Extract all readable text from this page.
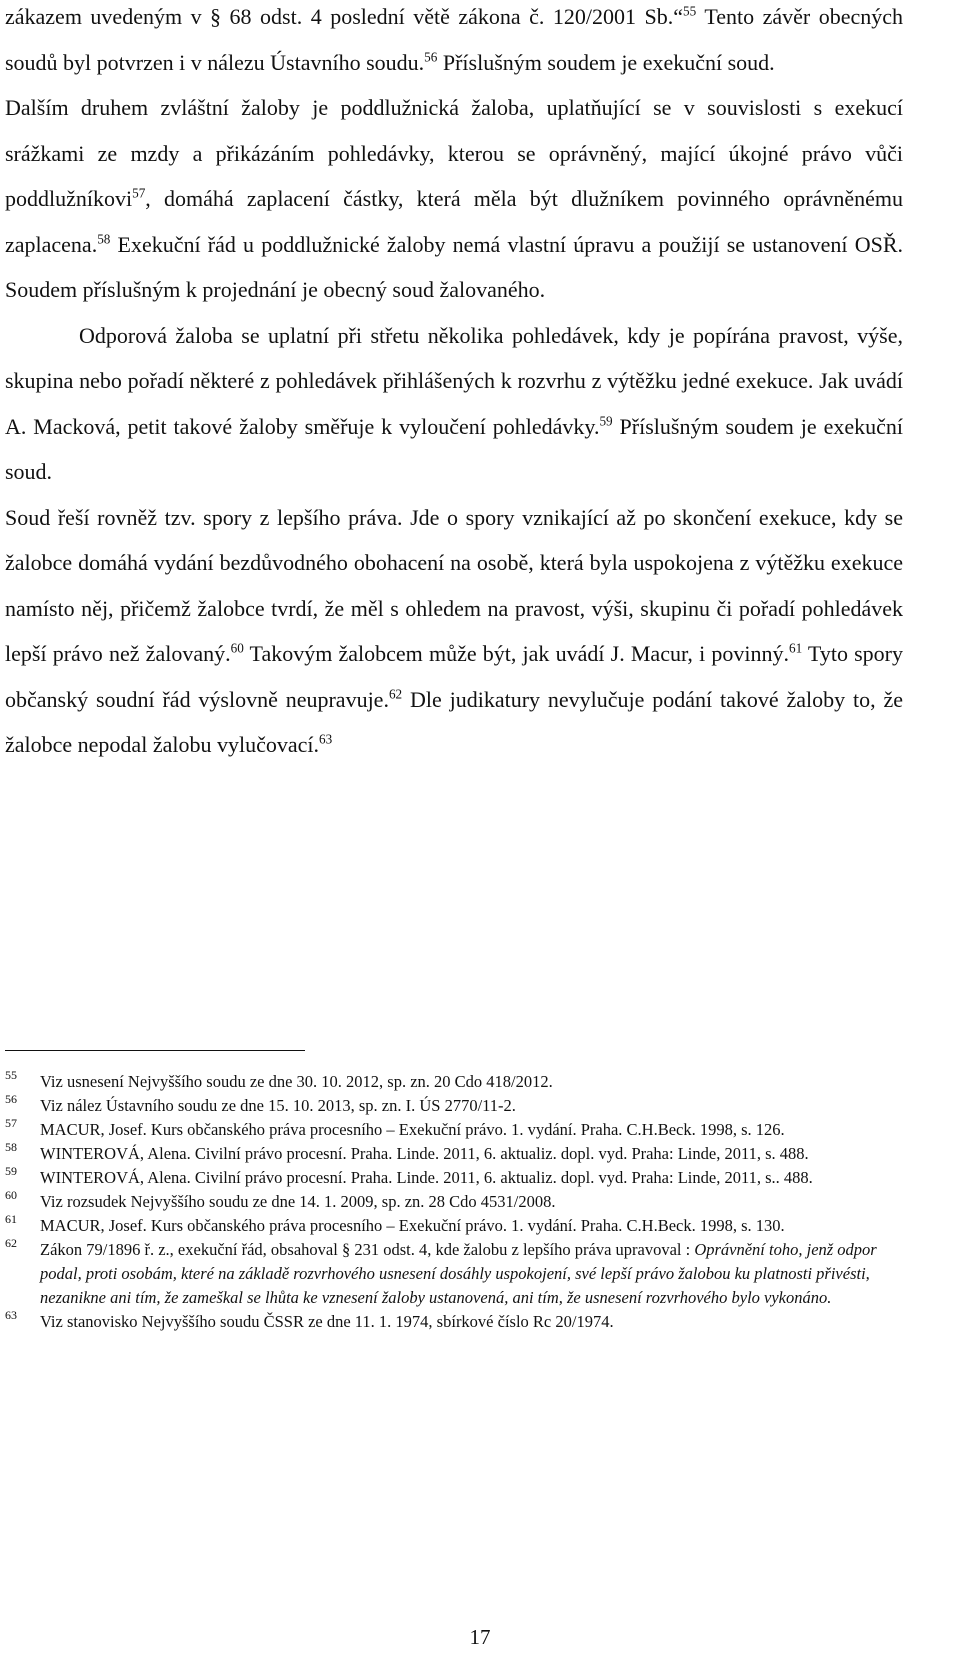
zákazem uvedeným v § 68 odst. 4 poslední větě zákona č. 120/2001 Sb.“$^{55}$ Tento závěr obecných soudů byl potvrzen i v nálezu Ústavního soudu.$^{56}$ Příslušným soudem je exekuční soud.

Dalším druhem zvláštní žaloby je poddlužnická žaloba, uplatňující se v souvislosti s exekucí srážkami ze mzdy a přikázáním pohledávky, kterou se oprávněný, mající úkojné právo vůči poddlužníkovi$^{57}$, domáhá zaplacení částky, která měla být dlužníkem povinného oprávněnému zaplacena.$^{58}$ Exekuční řád u poddlužnické žaloby nemá vlastní úpravu a použijí se ustanovení OSŘ. Soudem příslušným k projednání je obecný soud žalovaného.

Odporová žaloba se uplatní při střetu několika pohledávek, kdy je popírána pravost, výše, skupina nebo pořadí některé z pohledávek přihlášených k rozvrhu z výtěžku jedné exekuce. Jak uvádí A. Macková, petit takové žaloby směřuje k vyloučení pohledávky.$^{59}$ Příslušným soudem je exekuční soud.

Soud řeší rovněž tzv. spory z lepšího práva. Jde o spory vznikající až po skončení exekuce, kdy se žalobce domáhá vydání bezdůvodného obohacení na osobě, která byla uspokojena z výtěžku exekuce namísto něj, přičemž žalobce tvrdí, že měl s ohledem na pravost, výši, skupinu či pořadí pohledávek lepší právo než žalovaný.$^{60}$ Takovým žalobcem může být, jak uvádí J. Macur, i povinný.$^{61}$ Tyto spory občanský soudní řád výslovně neupravuje.$^{62}$ Dle judikatury nevylučuje podání takové žaloby to, že žalobce nepodal žalobu vylučovací.$^{63}$

55 Viz usnesení Nejvyššího soudu ze dne 30. 10. 2012, sp. zn. 20 Cdo 418/2012.
56 Viz nález Ústavního soudu ze dne 15. 10. 2013, sp. zn. I. ÚS 2770/11-2.
57 MACUR, Josef. Kurs občanského práva procesního – Exekuční právo. 1. vydání. Praha. C.H.Beck. 1998, s. 126.
58 WINTEROVÁ, Alena. Civilní právo procesní. Praha. Linde. 2011, 6. aktualiz. dopl. vyd. Praha: Linde, 2011, s. 488.
59 WINTEROVÁ, Alena. Civilní právo procesní. Praha. Linde. 2011, 6. aktualiz. dopl. vyd. Praha: Linde, 2011, s.. 488.
60 Viz rozsudek Nejvyššího soudu ze dne 14. 1. 2009, sp. zn. 28 Cdo 4531/2008.
61 MACUR, Josef. Kurs občanského práva procesního – Exekuční právo. 1. vydání. Praha. C.H.Beck. 1998, s. 130.
62 Zákon 79/1896 ř. z., exekuční řád, obsahoval § 231 odst. 4, kde žalobu z lepšího práva upravoval : Oprávnění toho, jenž odpor podal, proti osobám, které na základě rozvrhového usnesení dosáhly uspokojení, své lepší právo žalobou ku platnosti přivésti, nezanikne ani tím, že zameškal se lhůta ke vznesení žaloby ustanovená, ani tím, že usnesení rozvrhového bylo vykonáno.
63 Viz stanovisko Nejvyššího soudu ČSSR ze dne 11. 1. 1974, sbírkové číslo Rc 20/1974.
17
